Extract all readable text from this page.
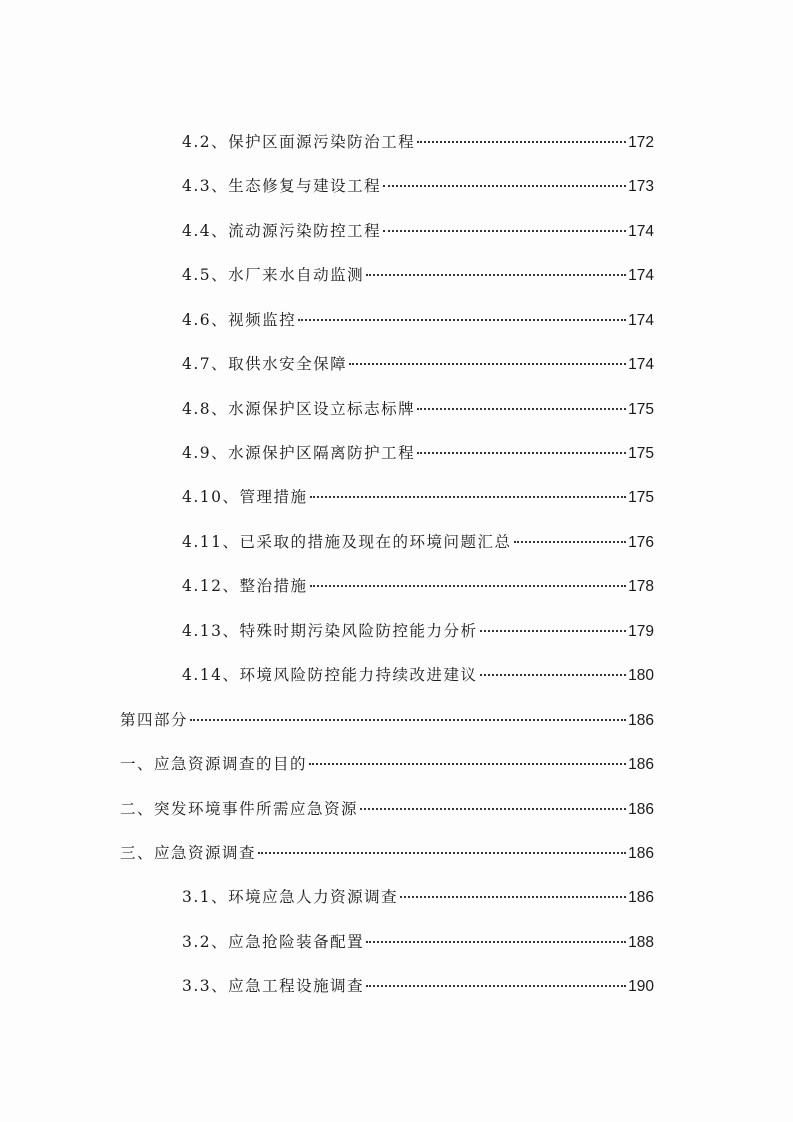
4.2、保护区面源污染防治工程	172
4.3、生态修复与建设工程	173
4.4、流动源污染防控工程	174
4.5、水厂来水自动监测	174
4.6、视频监控	174
4.7、取供水安全保障	174
4.8、水源保护区设立标志标牌	175
4.9、水源保护区隔离防护工程	175
4.10、管理措施	175
4.11、已采取的措施及现在的环境问题汇总	176
4.12、整治措施	178
4.13、特殊时期污染风险防控能力分析	179
4.14、环境风险防控能力持续改进建议	180
第四部分	186
一、应急资源调查的目的	186
二、突发环境事件所需应急资源	186
三、应急资源调查	186
3.1、环境应急人力资源调查	186
3.2、应急抢险装备配置	188
3.3、应急工程设施调查	190
